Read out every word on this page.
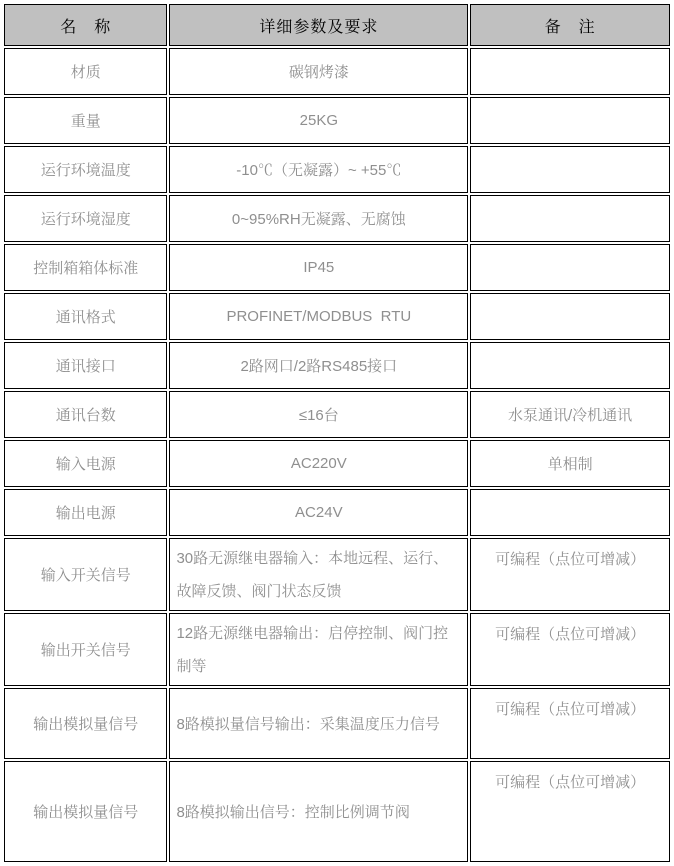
名　称	详细参数及要求	备　注
材质	碳钢烤漆	
重量	25KG	
运行环境温度	-10℃（无凝露）~ +55℃	
运行环境湿度	0~95%RH无凝露、无腐蚀	
控制箱箱体标准	IP45	
通讯格式	PROFINET/MODBUS  RTU	
通讯接口	2路网口/2路RS485接口	
通讯台数	≤16台	水泵通讯/冷机通讯
输入电源	AC220V	单相制
输出电源	AC24V	
输入开关信号	30路无源继电器输入：本地远程、运行、故障反馈、阀门状态反馈	可编程（点位可增减）
输出开关信号	12路无源继电器输出：启停控制、阀门控制等	可编程（点位可增减）
输出模拟量信号	8路模拟量信号输出：采集温度压力信号	可编程（点位可增减）
输出模拟量信号	8路模拟输出信号：控制比例调节阀	可编程（点位可增减）
